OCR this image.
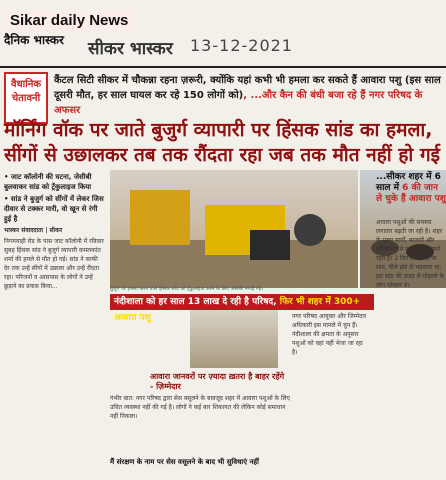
Sikar daily News
दैनिक भास्कर	सीकर भास्कर 13-12-2021
वैधानिक चेतावनी
कैंटल सिटी सीकर में चौकन्ना रहना ज़रूरी, क्योंकि यहां कभी भी हमला कर सकते हैं आवारा पशु (इस साल दूसरी मौत, हर साल घायल कर रहे 150 लोगों को), ...और कैन की बंधी बजा रहे हैं नगर परिषद के अफसर
मॉर्निंग वॉक पर जाते बुजुर्ग व्यापारी पर हिंसक सांड का हमला,
सींगों से उछालकर तब तक रौंदता रहा जब तक मौत नहीं हो गई
• जाट कॉलोनी की घटना, जेसीबी बुलवाकर सांड को ट्रेंकुलाइज किया
• सांड ने बुजुर्ग को सींगों में लेकर जिस दीवार से टक्कर मारी, वो खून से रंगी हुई है
भास्कर संवाददाता | सीकर
निगमयाही रोड के पास जाट कॉलोनी में रविवार सुबह हिंसक सांड ने बुजुर्ग व्यापारी कमलकांत शर्मा की हमले से मौत हो गई। सांड ने काफी देर तक उन्हें सींगों में उछाला और उन्हें रौंदता रहा। परिजनों व आसपास के लोगों ने उन्हें छुड़ाने का प्रयास किया...	बुजुर्ग पर हमला करने वाले हिंसक सांड को ट्रेंकुलाइज करने के लिए जेसीबी मंगाई गई।
नंदीशाला को हर साल 13 लाख दे रही है परिषद, फिर भी शहर में 300+ आवारा पशु
...सीकर शहर में 6 साल में 6 की जान ले चुके हैं आवारा पशु
आवारा पशुओं की समस्या लगातार बढ़ती जा रही है। शहर के मुख्य मार्गों, बाजारों और कॉलोनियों में पशु झुंड में घूमते रहते हैं। 2 दिन से हिंसक था सांड, पीले झंडे से भड़कता था: इस सांड की वजह से मोहल्ले के लोग परेशान थे।
नगर परिषद आयुक्त और जिम्मेदार अधिकारी इस मामले में चुप हैं। नंदीशाला की क्षमता के अनुसार पशुओं को वहां नहीं भेजा जा रहा है।
आवारा जानवरों पर ज़्यादा ख़तरा है बाहर रहेंगे - ज़िम्मेदार
गंभीर बात: नगर परिषद द्वारा सेस वसूलने के बावजूद शहर में आवारा पशुओं के लिए उचित व्यवस्था नहीं की गई है। लोगों ने कई बार शिकायत की लेकिन कोई समाधान नहीं निकला।
मैं संरक्षण के नाम पर सेस वसूलने के बाद भी सुविधाएं नहीं
